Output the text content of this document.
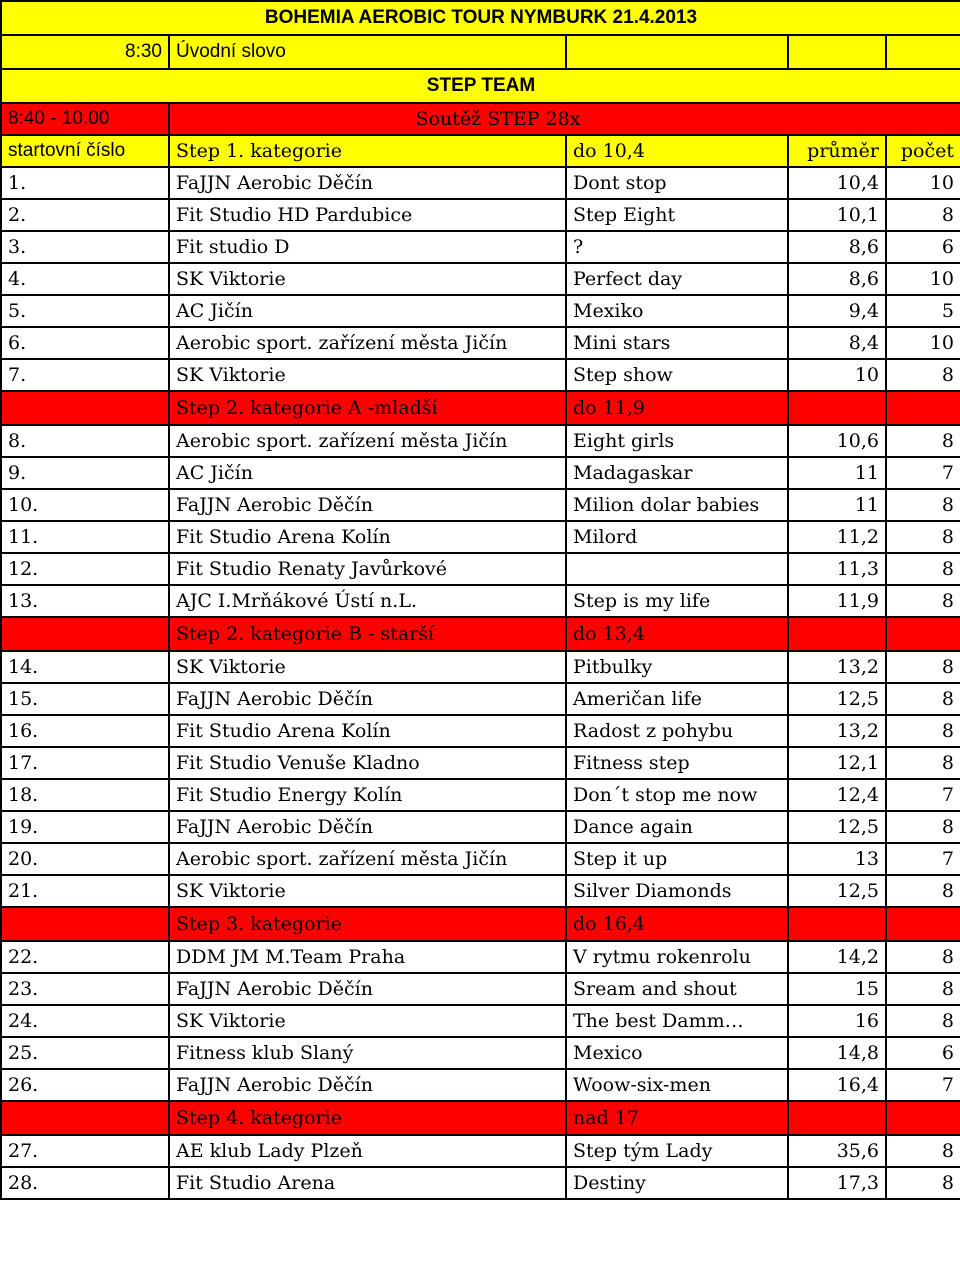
BOHEMIA AEROBIC TOUR NYMBURK 21.4.2013				
8:30	Úvodní slovo			
STEP TEAM				
8:40 - 10.00	Soutěž STEP 28x			
startovní číslo	Step 1. kategorie	do 10,4	průměr	počet
1.	FaJJN Aerobic Děčín	Dont stop	10,4	10
2.	Fit Studio HD Pardubice	Step Eight	10,1	8
3.	Fit studio D	?	8,6	6
4.	SK Viktorie	Perfect day	8,6	10
5.	AC Jičín	Mexiko	9,4	5
6.	Aerobic sport. zařízení města Jičín	Mini stars	8,4	10
7.	SK Viktorie	Step show	10	8
	Step 2. kategorie A -mladší	do 11,9		
8.	Aerobic sport. zařízení města Jičín	Eight girls	10,6	8
9.	AC Jičín	Madagaskar	11	7
10.	FaJJN Aerobic Děčín	Milion dolar babies	11	8
11.	Fit Studio Arena Kolín	Milord	11,2	8
12.	Fit Studio Renaty Javůrkové		11,3	8
13.	AJC I.Mrňákové Ústí n.L.	Step is my life	11,9	8
	Step 2. kategorie B - starší	do 13,4		
14.	SK Viktorie	Pitbulky	13,2	8
15.	FaJJN Aerobic Děčín	Američan life	12,5	8
16.	Fit Studio Arena Kolín	Radost z pohybu	13,2	8
17.	Fit Studio Venuše Kladno	Fitness step	12,1	8
18.	Fit Studio Energy Kolín	Don´t stop me now	12,4	7
19.	FaJJN Aerobic Děčín	Dance again	12,5	8
20.	Aerobic sport. zařízení města Jičín	Step it up	13	7
21.	SK Viktorie	Silver Diamonds	12,5	8
	Step 3. kategorie	do 16,4		
22.	DDM JM M.Team Praha	V rytmu rokenrolu	14,2	8
23.	FaJJN Aerobic Děčín	Sream and shout	15	8
24.	SK Viktorie	The best Damm…	16	8
25.	Fitness klub Slaný	Mexico	14,8	6
26.	FaJJN Aerobic Děčín	Woow-six-men	16,4	7
	Step 4. kategorie	nad 17		
27.	AE klub Lady Plzeň	Step tým Lady	35,6	8
28.	Fit Studio Arena	Destiny	17,3	8
